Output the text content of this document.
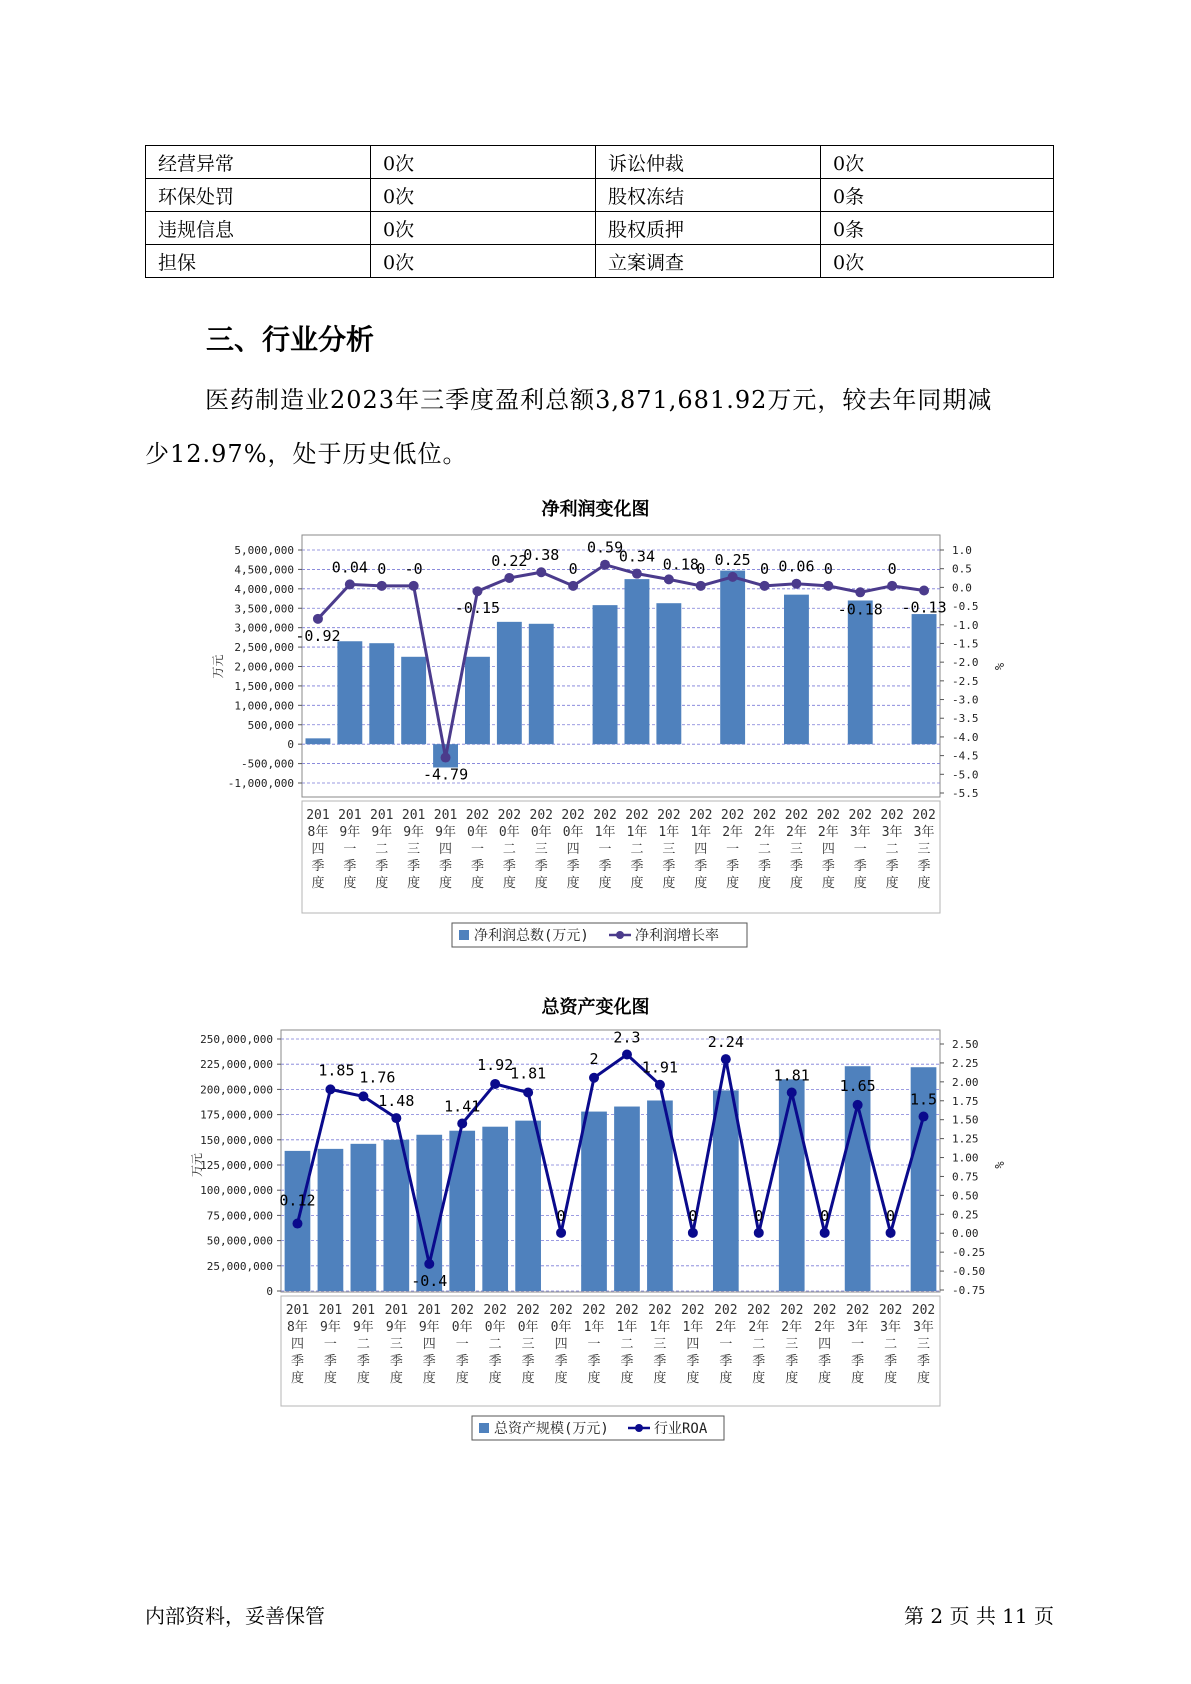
经营异常	0次	诉讼仲裁	0次
环保处罚	0次	股权冻结	0条
违规信息	0次	股权质押	0条
担保	0次	立案调查	0次
三、行业分析
医药制造业2023年三季度盈利总额3,871,681.92万元，较去年同期减
少12.97%，处于历史低位。
净利润变化图
5,000,000
4,500,000
4,000,000
3,500,000
3,000,000
2,500,000
2,000,000
1,500,000
1,000,000
500,000
0
-500,000
-1,000,000
1.0
0.5
0.0
-0.5
-1.0
-1.5
-2.0
-2.5
-3.0
-3.5
-4.0
-4.5
-5.0
-5.5
万元	%
-0.92
0.04 0 -0
-4.79
-0.15
0.22
0.38
0
0.59
0.34 0.18
0 0.25 0 0.06 0
-0.18
0
-0.13
201
8年
四
季
度
201
9年
一
季
度
201
9年
二
季
度
201
9年
三
季
度
201
9年
四
季
度
202
0年
一
季
度
202
0年
二
季
度
202
0年
三
季
度
202
0年
四
季
度
202
1年
一
季
度
202
1年
二
季
度
202
1年
三
季
度
202
1年
四
季
度
202
2年
一
季
度
202
2年
二
季
度
202
2年
三
季
度
202
2年
四
季
度
202
3年
一
季
度
202
3年
二
季
度
202
3年
三
季
度
净利润总数(万元)	净利润增长率
总资产变化图
250,000,000
225,000,000
200,000,000
175,000,000
150,000,000
125,000,000
100,000,000
75,000,000
50,000,000
25,000,000
0
2.50
2.25
2.00
1.75
1.50
1.25
1.00
0.75
0.50
0.25
0.00
-0.25
-0.50
-0.75
万元	%
0.12
1.85 1.76
1.48
-0.4
1.41
1.92
1.81
0
2
2.3
1.91
0
2.24
0
1.81
0
1.65
0
1.5
201
8年
四
季
度
201
9年
一
季
度
201
9年
二
季
度
201
9年
三
季
度
201
9年
四
季
度
202
0年
一
季
度
202
0年
二
季
度
202
0年
三
季
度
202
0年
四
季
度
202
1年
一
季
度
202
1年
二
季
度
202
1年
三
季
度
202
1年
四
季
度
202
2年
一
季
度
202
2年
二
季
度
202
2年
三
季
度
202
2年
四
季
度
202
3年
一
季
度
202
3年
二
季
度
202
3年
三
季
度
总资产规模(万元)	行业ROA
内部资料，妥善保管	第 2 页 共 11 页
